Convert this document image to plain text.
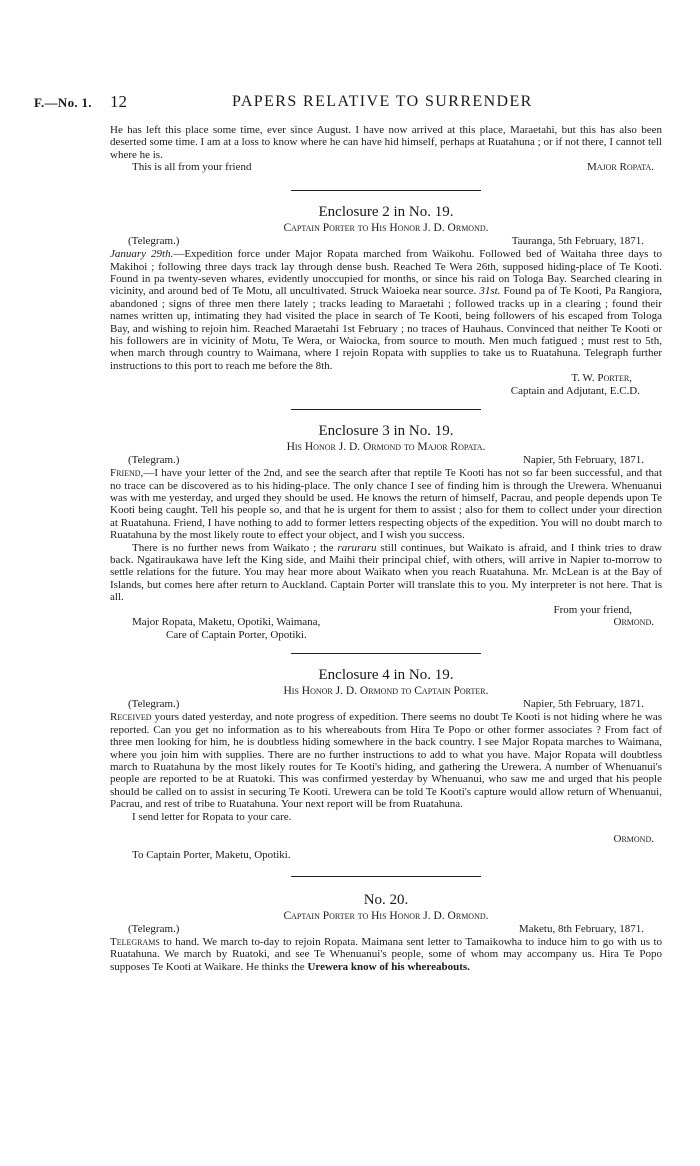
F.—No. 1. 12	PAPERS RELATIVE TO SURRENDER

He has left this place some time, ever since August. I have now arrived at this place, Maraetahi, but this has also been deserted some time. I am at a loss to know where he can have hid himself, perhaps at Ruatahuna ; or if not there, I cannot tell where he is.

This is all from your friend	Major Ropata.
Enclosure 2 in No. 19.
Captain Porter to His Honor J. D. Ormond.
(Telegram.)	Tauranga, 5th February, 1871.

January 29th.—Expedition force under Major Ropata marched from Waikohu. Followed bed of Waitaha three days to Makihoi ; following three days track lay through dense bush. Reached Te Wera 26th, supposed hiding-place of Te Kooti. Found in pa twenty-seven whares, evidently unoccupied for months, or since his raid on Tologa Bay. Searched clearing in vicinity, and around bed of Te Motu, all uncultivated. Struck Waioeka near source. 31st. Found pa of Te Kooti, Pa Rangiora, abandoned ; signs of three men there lately ; tracks leading to Maraetahi ; followed tracks up in a clearing ; found their names written up, intimating they had visited the place in search of Te Kooti, being followers of his escaped from Tologa Bay, and wishing to rejoin him. Reached Maraetahi 1st February ; no traces of Hauhaus. Convinced that neither Te Kooti or his followers are in vicinity of Motu, Te Wera, or Waiocka, from source to mouth. Men much fatigued ; must rest to 5th, when march through country to Waimana, where I rejoin Ropata with supplies to take us to Ruatahuna. Telegraph further instructions to this port to reach me before the 8th.

T. W. Porter,
Captain and Adjutant, E.C.D.
Enclosure 3 in No. 19.
His Honor J. D. Ormond to Major Ropata.
(Telegram.)	Napier, 5th February, 1871.

Friend,—I have your letter of the 2nd, and see the search after that reptile Te Kooti has not so far been successful, and that no trace can be discovered as to his hiding-place. The only chance I see of finding him is through the Urewera. Whenuanui was with me yesterday, and urged they should be used. He knows the return of himself, Pacrau, and people depends upon Te Kooti being caught. Tell his people so, and that he is urgent for them to assist ; also for them to collect under your direction at Ruatahuna. Friend, I have nothing to add to former letters respecting objects of the expedition. You will no doubt march to Ruatahuna by the most likely route to effect your object, and I wish you success.

There is no further news from Waikato ; the raruraru still continues, but Waikato is afraid, and I think tries to draw back. Ngatiraukawa have left the King side, and Maihi their principal chief, with others, will arrive in Napier to-morrow to settle relations for the future. You may hear more about Waikato when you reach Ruatahuna. Mr. McLean is at the Bay of Islands, but comes here after return to Auckland. Captain Porter will translate this to you. My interpreter is not here. That is all.

From your friend,
Major Ropata, Maketu, Opotiki, Waimana,	Ormond.
Care of Captain Porter, Opotiki.
Enclosure 4 in No. 19.
His Honor J. D. Ormond to Captain Porter.
(Telegram.)	Napier, 5th February, 1871.

Received yours dated yesterday, and note progress of expedition. There seems no doubt Te Kooti is not hiding where he was reported. Can you get no information as to his whereabouts from Hira Te Popo or other former associates ? From fact of three men looking for him, he is doubtless hiding somewhere in the back country. I see Major Ropata marches to Waimana, where you join him with supplies. There are no further instructions to add to what you have. Major Ropata will doubtless march to Ruatahuna by the most likely routes for Te Kooti's hiding, and gathering the Urewera. A number of Whenuanui's people are reported to be at Ruatoki. This was confirmed yesterday by Whenuanui, who saw me and urged that his people should be called on to assist in securing Te Kooti. Urewera can be told Te Kooti's capture would allow return of Whenuanui, Pacrau, and rest of tribe to Ruatahuna. Your next report will be from Ruatahuna.

I send letter for Ropata to your care.

Ormond.
To Captain Porter, Maketu, Opotiki.
No. 20.
Captain Porter to His Honor J. D. Ormond.
(Telegram.)	Maketu, 8th February, 1871.

Telegrams to hand. We march to-day to rejoin Ropata. Maimana sent letter to Tamaikowha to induce him to go with us to Ruatahuna. We march by Ruatoki, and see Te Whenuanui's people, some of whom may accompany us. Hira Te Popo supposes Te Kooti at Waikare. He thinks the Urewera know of his whereabouts.
